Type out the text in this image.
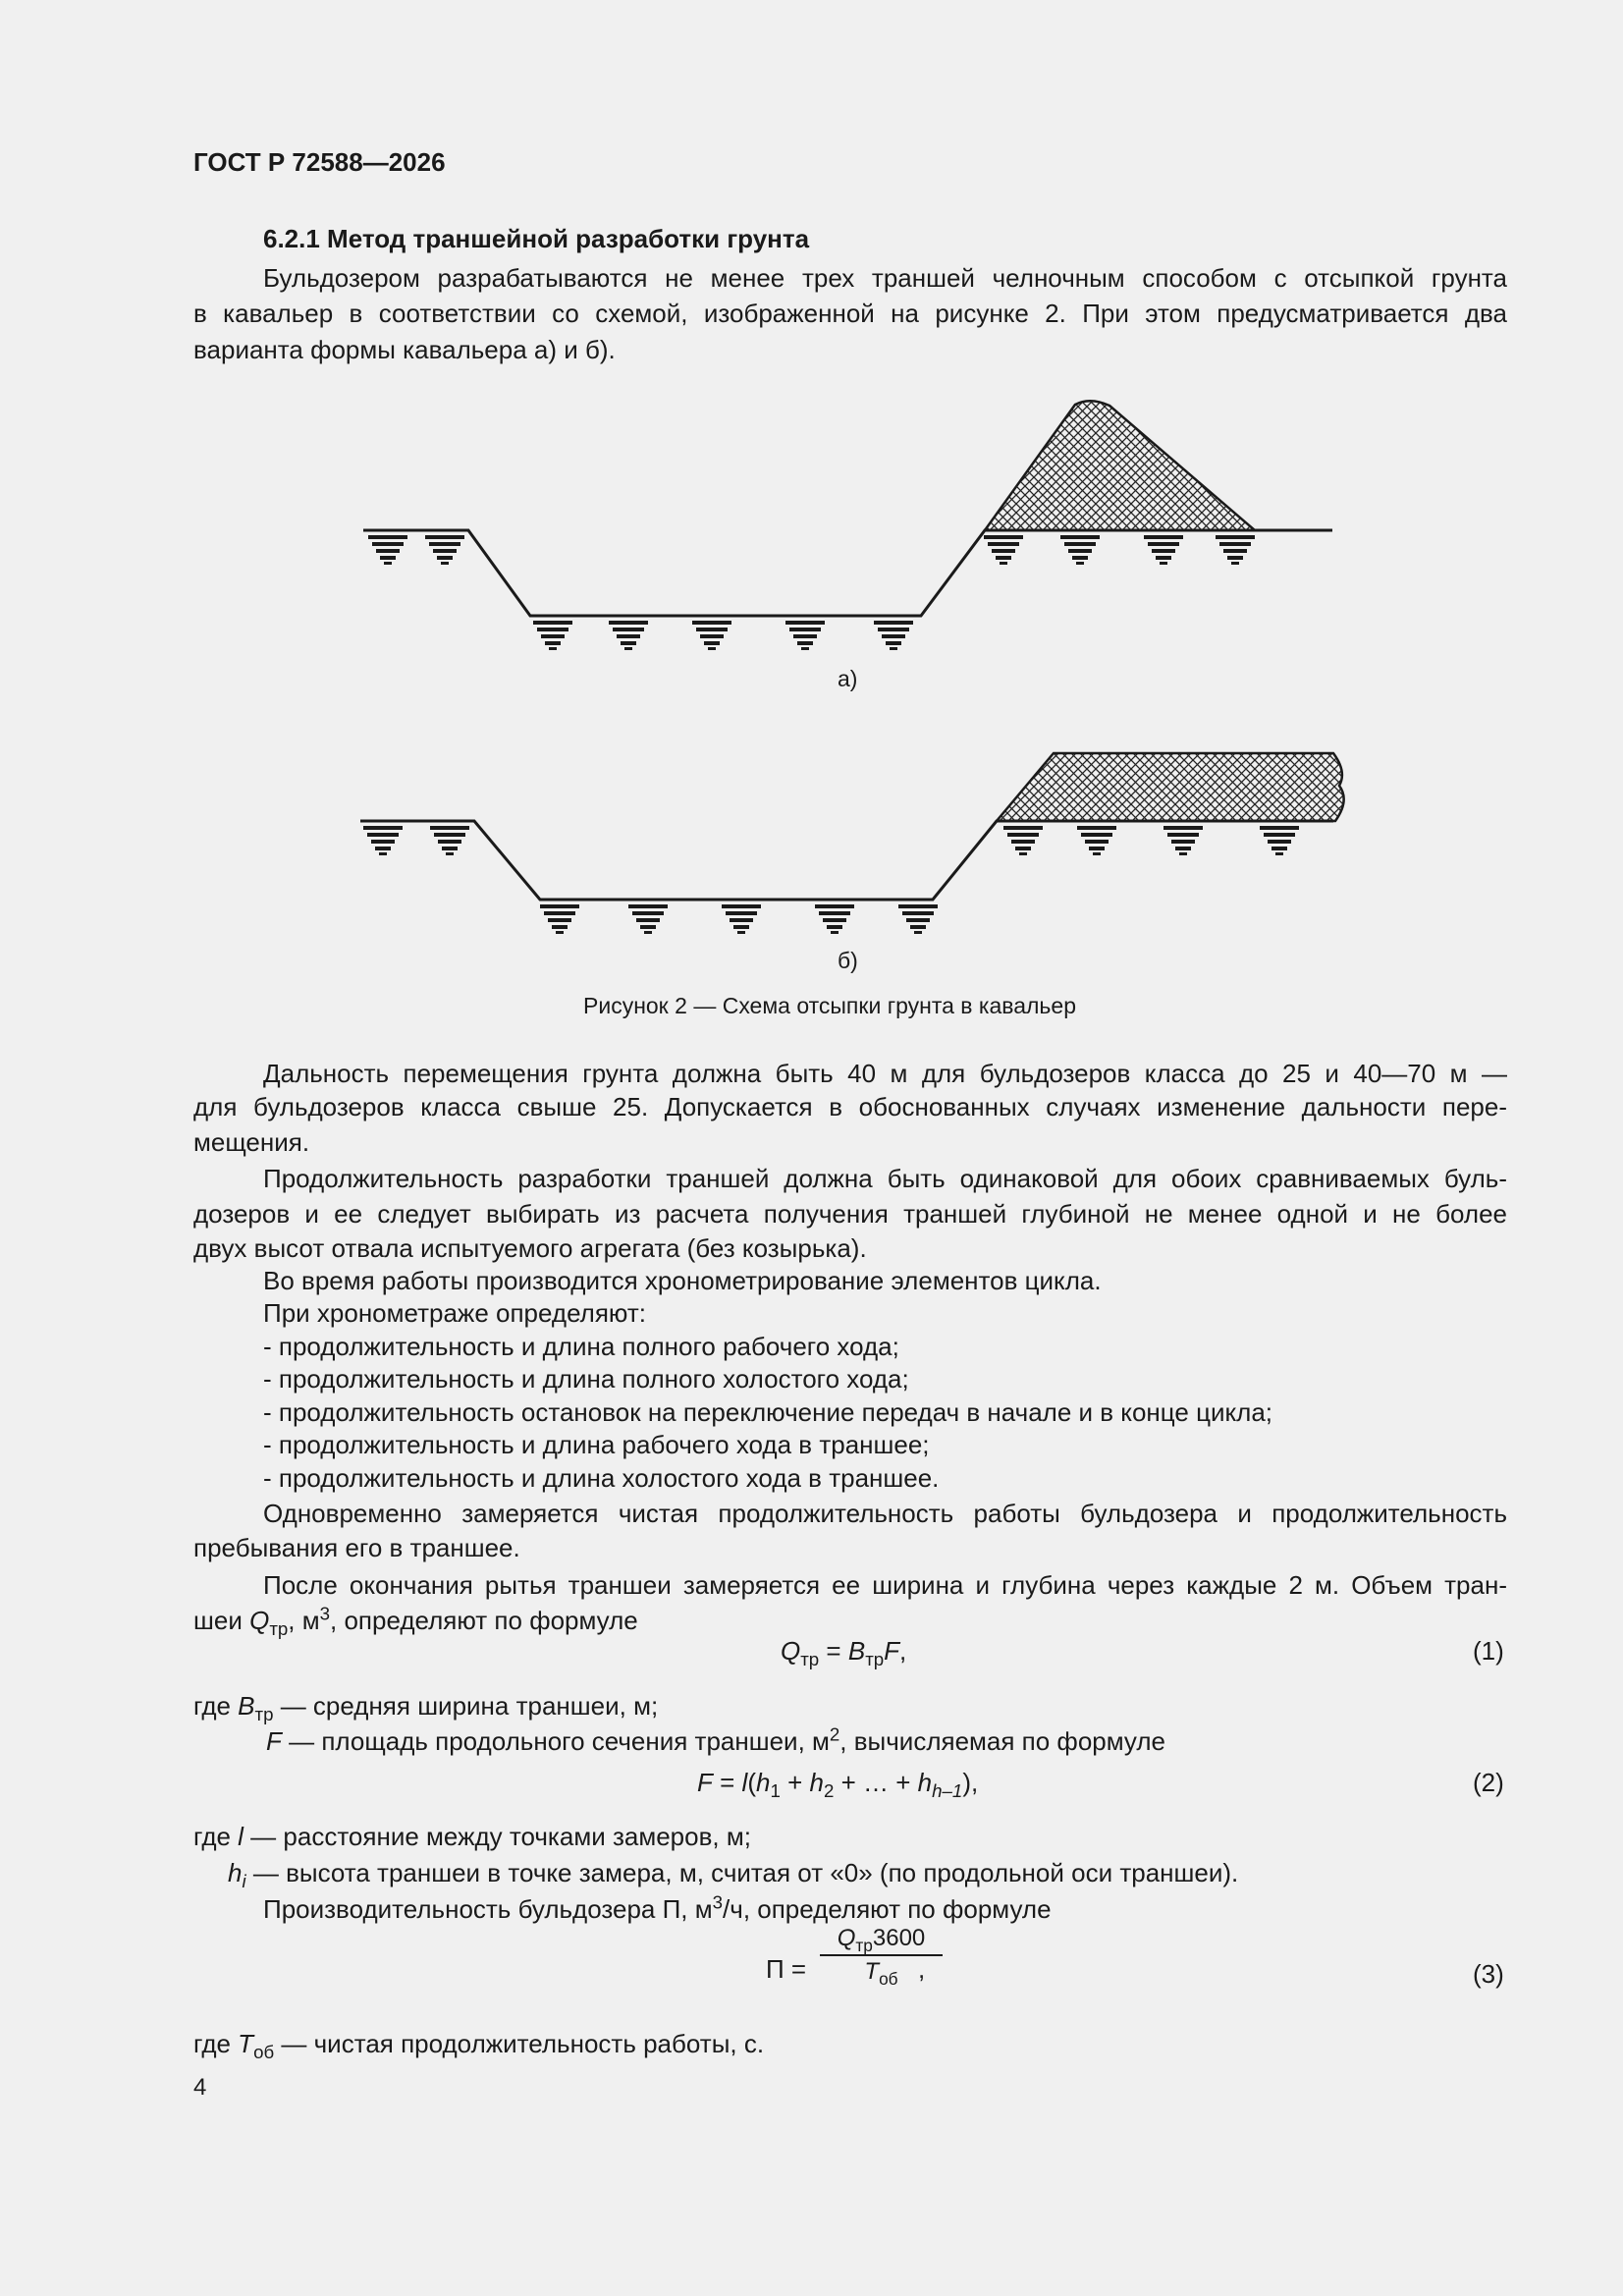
ГОСТ Р 72588—2026
6.2.1 Метод траншейной разработки грунта
Бульдозером разрабатываются не менее трех траншей челночным способом с отсыпкой грунта
в кавальер в соответствии со схемой, изображенной на рисунке 2. При этом предусматривается два
варианта формы кавальера а) и б).
а)
б)
Рисунок 2 — Схема отсыпки грунта в кавальер
Дальность перемещения грунта должна быть 40 м для бульдозеров класса до 25 и 40—70 м —
для бульдозеров класса свыше 25. Допускается в обоснованных случаях изменение дальности пере-
мещения.
Продолжительность разработки траншей должна быть одинаковой для обоих сравниваемых буль-
дозеров и ее следует выбирать из расчета получения траншей глубиной не менее одной и не более
двух высот отвала испытуемого агрегата (без козырька).
Во время работы производится хронометрирование элементов цикла.
При хронометраже определяют:
- продолжительность и длина полного рабочего хода;
- продолжительность и длина полного холостого хода;
- продолжительность остановок на переключение передач в начале и в конце цикла;
- продолжительность и длина рабочего хода в траншее;
- продолжительность и длина холостого хода в траншее.
Одновременно замеряется чистая продолжительность работы бульдозера и продолжительность
пребывания его в траншее.
После окончания рытья траншеи замеряется ее ширина и глубина через каждые 2 м. Объем тран-
шеи $Q_{тр}$, $м^3$, определяют по формуле
$Q_{тр} = B_{тр}F$,	(1)
где $B_{тр}$ — средняя ширина траншеи, м;
F — площадь продольного сечения траншеи, $м^2$, вычисляемая по формуле
$F = l(h_1 + h_2$ + … + $h_{h-1}$),	(2)
где l — расстояние между точками замеров, м;
$h_i$ — высота траншеи в точке замера, м, считая от «0» (по продольной оси траншеи).
Производительность бульдозера П, $м^3/ч$, определяют по формуле
П =
$Q_{тр}3600$
$T_{об}$ ,	(3)
где $T_{об}$ — чистая продолжительность работы, с.
4
